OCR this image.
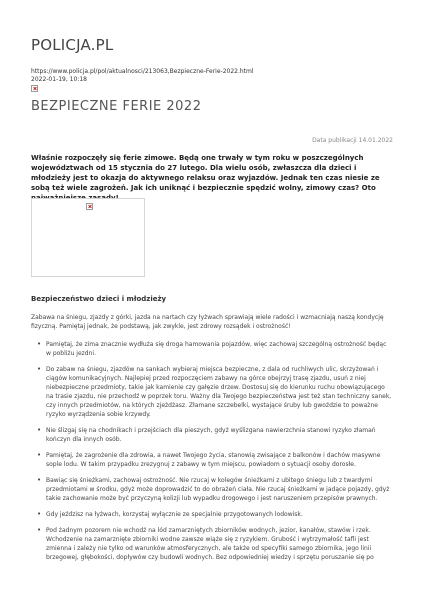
POLICJA.PL
https://www.policja.pl/pol/aktualnosci/213063,Bezpieczne-Ferie-2022.html
2022-01-19, 10:18
BEZPIECZNE FERIE 2022
Data publikacji 14.01.2022
Właśnie rozpoczęły się ferie zimowe. Będą one trwały w tym roku w poszczególnych województwach od 15 stycznia do 27 lutego. Dla wielu osób, zwłaszcza dla dzieci i młodzieży jest to okazja do aktywnego relaksu oraz wyjazdów. Jednak ten czas niesie ze sobą też wiele zagrożeń. Jak ich uniknąć i bezpiecznie spędzić wolny, zimowy czas? Oto
Bezpieczeństwo dzieci i młodzieży
Zabawa na śniegu, zjazdy z górki, jazda na nartach czy łyżwach sprawiają wiele radości i wzmacniają naszą kondycję fizyczną. Pamiętaj jednak, że podstawą, jak zwykle, jest zdrowy rozsądek i ostrożność!
• Pamiętaj, że zima znacznie wydłuża się droga hamowania pojazdów, więc zachowaj szczególną ostrożność będąc w pobliżu jezdni.
• Do zabaw na śniegu, zjazdów na sankach wybieraj miejsca bezpieczne, z dala od ruchliwych ulic, skrzyżowań i ciągów komunikacyjnych. Najlepiej przed rozpoczęciem zabawy na górce obejrzyj trasę zjazdu, usuń z niej niebezpieczne przedmioty, takie jak kamienie czy gałęzie drzew. Dostosuj się do kierunku ruchu obowiązującego na trasie zjazdu, nie przechodź w poprzek toru. Ważny dla Twojego bezpieczeństwa jest też stan techniczny sanek, czy innych przedmiotów, na których zjeżdżasz. Złamane szczebelki, wystające śruby lub gwoździe to poważne ryzyko wyrządzenia sobie krzywdy.
• Nie ślizgaj się na chodnikach i przejściach dla pieszych, gdyż wyślizgana nawierzchnia stanowi ryzyko złamań kończyn dla innych osób.
• Pamiętaj, że zagrożenie dla zdrowia, a nawet Twojego życia, stanowią zwisające z balkonów i dachów masywne sople lodu. W takim przypadku zrezygnuj z zabawy w tym miejscu, powiadom o sytuacji osoby dorosłe.
• Bawiąc się śnieżkami, zachowaj ostrożność. Nie rzucaj w kolegów śnieżkami z ubitego śniegu lub z twardymi przedmiotami w środku, gdyż może doprowadzić to do obrażeń ciała. Nie rzucaj śnieżkami w jadące pojazdy, gdyż takie zachowanie może być przyczyną kolizji lub wypadku drogowego i jest naruszeniem przepisów prawnych.
• Gdy jeździsz na łyżwach, korzystaj wyłącznie ze specjalnie przygotowanych lodowisk.
• Pod żadnym pozorem nie wchodź na lód zamarzniętych zbiorników wodnych, jezior, kanałów, stawów i rzek. Wchodzenie na zamarznięte zbiorniki wodne zawsze wiąże się z ryzykiem. Grubość i wytrzymałość tafli jest zmienna i zależy nie tylko od warunków atmosferycznych, ale także od specyfiki samego zbiornika, jego linii brzegowej, głębokości, dopływów czy budowli wodnych. Bez odpowiedniej wiedzy i sprzętu poruszanie się po
